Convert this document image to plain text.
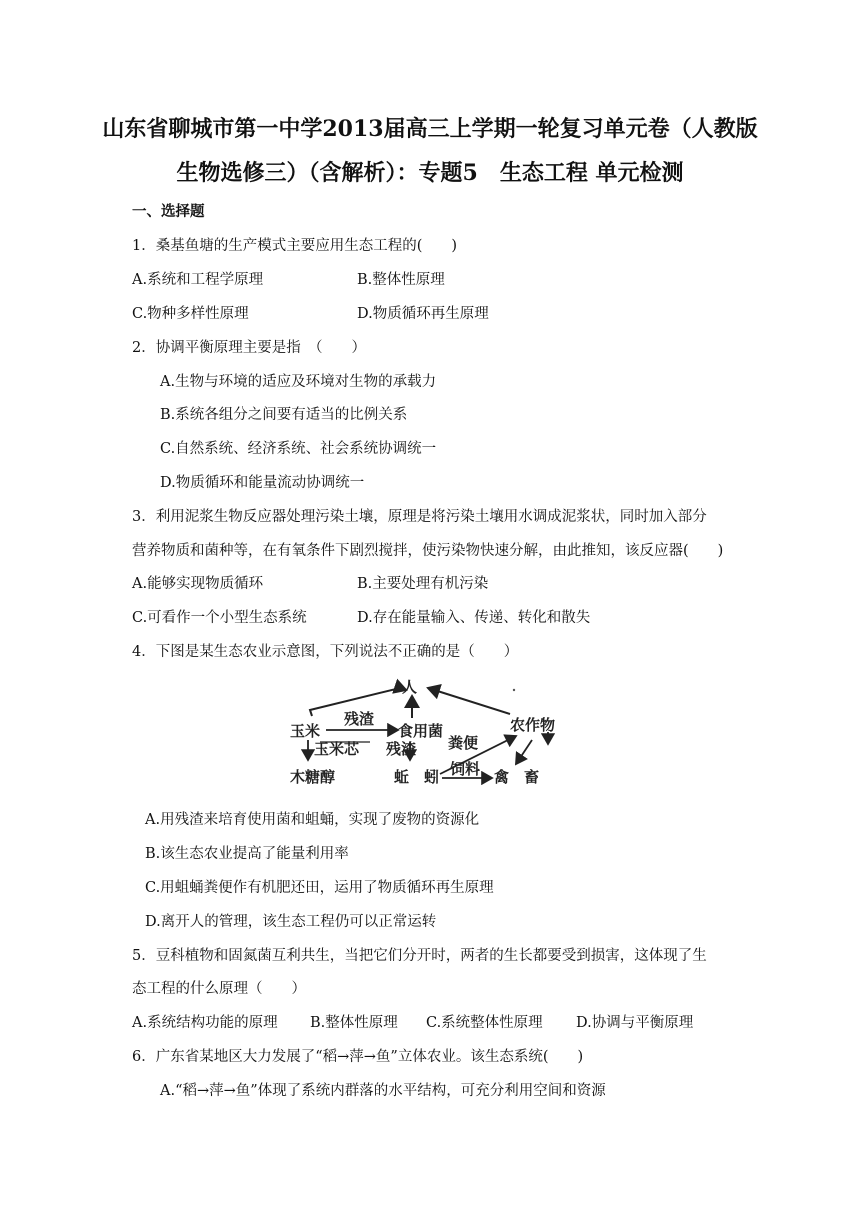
山东省聊城市第一中学2013届高三上学期一轮复习单元卷（人教版
生物选修三）（含解析）：专题5　生态工程 单元检测
一、选择题
1．桑基鱼塘的生产模式主要应用生态工程的(　　)
A.系统和工程学原理	B.整体性原理
C.物种多样性原理	D.物质循环再生原理
2．协调平衡原理主要是指　（　　）
A.生物与环境的适应及环境对生物的承载力
B.系统各组分之间要有适当的比例关系
C.自然系统、经济系统、社会系统协调统一
D.物质循环和能量流动协调统一
3．利用泥浆生物反应器处理污染土壤，原理是将污染土壤用水调成泥浆状，同时加入部分
营养物质和菌种等，在有氧条件下剧烈搅拌，使污染物快速分解，由此推知，该反应器(　　)
A.能够实现物质循环	B.主要处理有机污染
C.可看作一个小型生态系统	D.存在能量输入、传递、转化和散失
4．下图是某生态农业示意图，下列说法不正确的是（　　）
人
玉米
残渣
食用菌	农作物
玉米芯 残渣 粪便
木糖醇	蚯　蚓 饲料 禽　畜
A.用残渣来培育使用菌和蛆蛹，实现了废物的资源化
B.该生态农业提高了能量利用率
C.用蛆蛹粪便作有机肥还田，运用了物质循环再生原理
D.离开人的管理，该生态工程仍可以正常运转
5．豆科植物和固氮菌互利共生，当把它们分开时，两者的生长都要受到损害，这体现了生
态工程的什么原理（　　）
A.系统结构功能的原理 B.整体性原理 C.系统整体性原理 D.协调与平衡原理
6．广东省某地区大力发展了“稻→萍→鱼”立体农业。该生态系统(　　)
A.“稻→萍→鱼”体现了系统内群落的水平结构，可充分利用空间和资源
